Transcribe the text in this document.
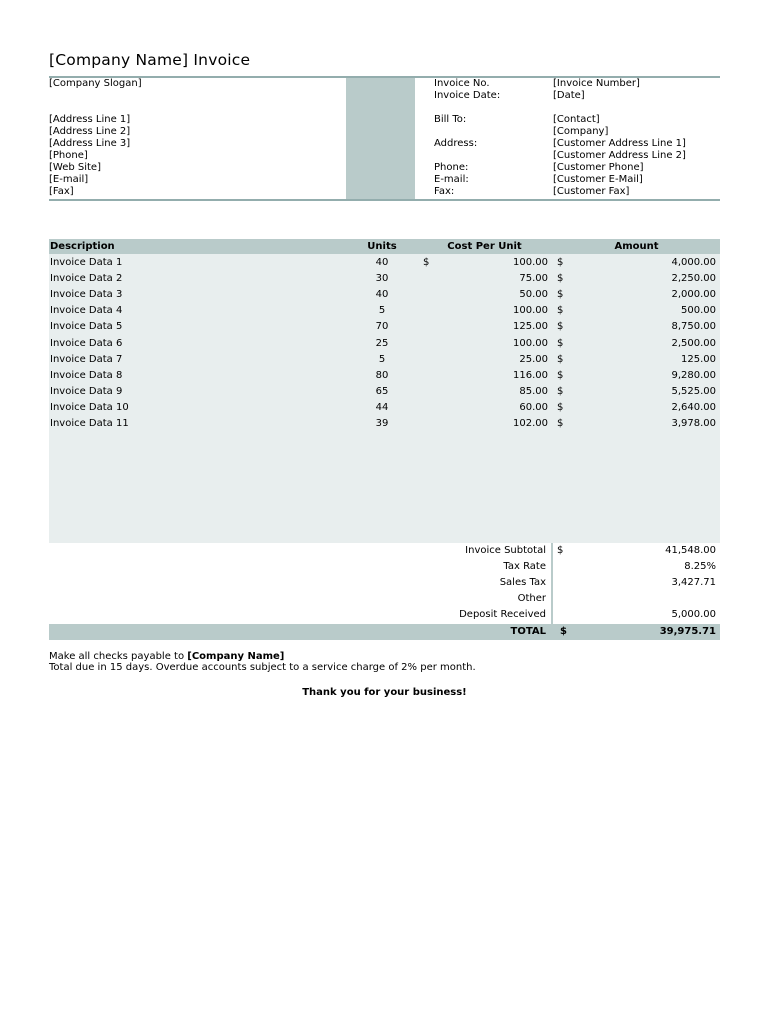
[Company Name] Invoice
[Company Slogan]
[Address Line 1]
[Address Line 2]
[Address Line 3]
[Phone]
[Web Site]
[E-mail]
[Fax]
Invoice No.	[Invoice Number]
Invoice Date:	[Date]
Bill To:	[Contact]
[Company]
Address:	[Customer Address Line 1]
[Customer Address Line 2]
Phone:	[Customer Phone]
E-mail:	[Customer E-Mail]
Fax:	[Customer Fax]
Description	Units	Cost Per Unit	Amount
Invoice Data 1	40	$	100.00 $	4,000.00
Invoice Data 2	30	75.00 $	2,250.00
Invoice Data 3	40	50.00 $	2,000.00
Invoice Data 4	5	100.00 $	500.00
Invoice Data 5	70	125.00 $	8,750.00
Invoice Data 6	25	100.00 $	2,500.00
Invoice Data 7	5	25.00 $	125.00
Invoice Data 8	80	116.00 $	9,280.00
Invoice Data 9	65	85.00 $	5,525.00
Invoice Data 10	44	60.00 $	2,640.00
Invoice Data 11	39	102.00 $	3,978.00
Invoice Subtotal $	41,548.00
Tax Rate	8.25%
Sales Tax	3,427.71
Other
Deposit Received	5,000.00
TOTAL $	39,975.71
Make all checks payable to [Company Name]
Total due in 15 days. Overdue accounts subject to a service charge of 2% per month.
Thank you for your business!
